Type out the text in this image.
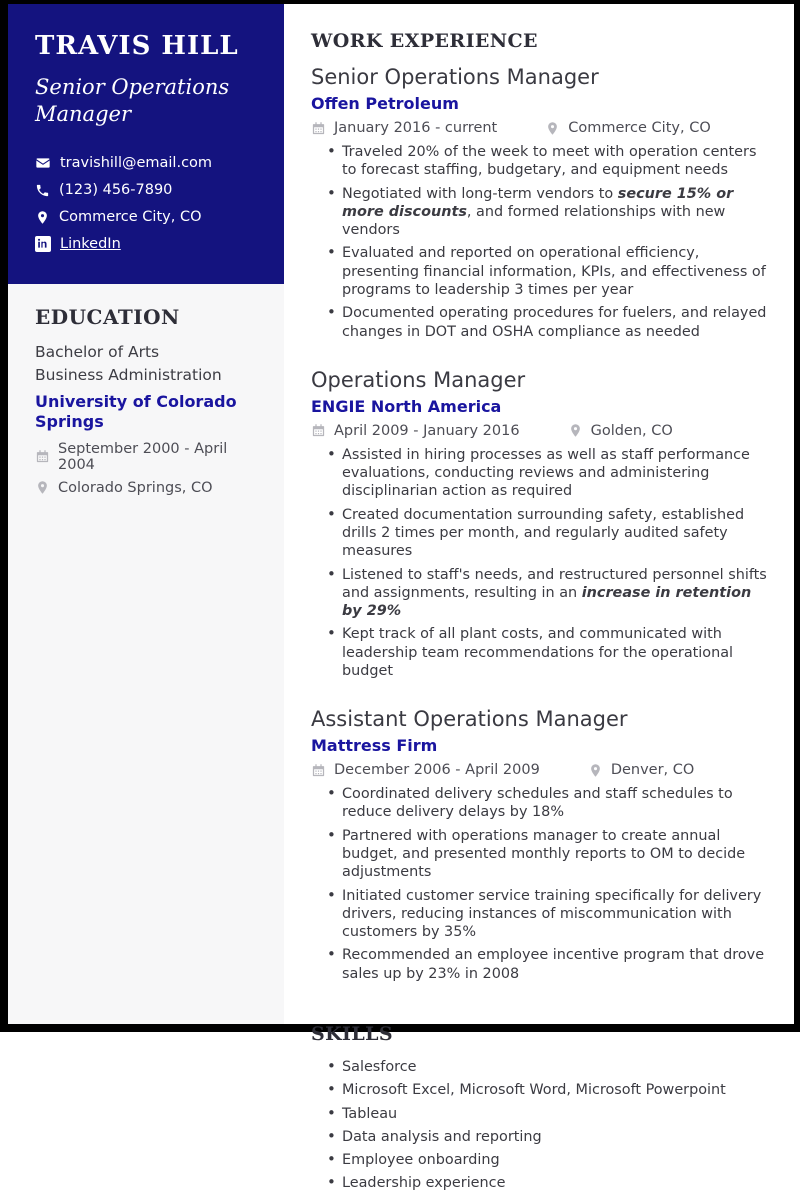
TRAVIS HILL
Senior Operations Manager
travishill@email.com
(123) 456-7890
Commerce City, CO
LinkedIn
EDUCATION
Bachelor of Arts
Business Administration
University of Colorado Springs
September 2000 - April 2004
Colorado Springs, CO
WORK EXPERIENCE
Senior Operations Manager
Offen Petroleum
January 2016 - current	Commerce City, CO
• Traveled 20% of the week to meet with operation centers to forecast staffing, budgetary, and equipment needs
• Negotiated with long-term vendors to secure 15% or more discounts, and formed relationships with new vendors
• Evaluated and reported on operational efficiency, presenting financial information, KPIs, and effectiveness of programs to leadership 3 times per year
• Documented operating procedures for fuelers, and relayed changes in DOT and OSHA compliance as needed
Operations Manager
ENGIE North America
April 2009 - January 2016	Golden, CO
• Assisted in hiring processes as well as staff performance evaluations, conducting reviews and administering disciplinarian action as required
• Created documentation surrounding safety, established drills 2 times per month, and regularly audited safety measures
• Listened to staff's needs, and restructured personnel shifts and assignments, resulting in an increase in retention by 29%
• Kept track of all plant costs, and communicated with leadership team recommendations for the operational budget
Assistant Operations Manager
Mattress Firm
December 2006 - April 2009	Denver, CO
• Coordinated delivery schedules and staff schedules to reduce delivery delays by 18%
• Partnered with operations manager to create annual budget, and presented monthly reports to OM to decide adjustments
• Initiated customer service training specifically for delivery drivers, reducing instances of miscommunication with customers by 35%
• Recommended an employee incentive program that drove sales up by 23% in 2008
SKILLS
• Salesforce
• Microsoft Excel, Microsoft Word, Microsoft Powerpoint
• Tableau
• Data analysis and reporting
• Employee onboarding
• Leadership experience
